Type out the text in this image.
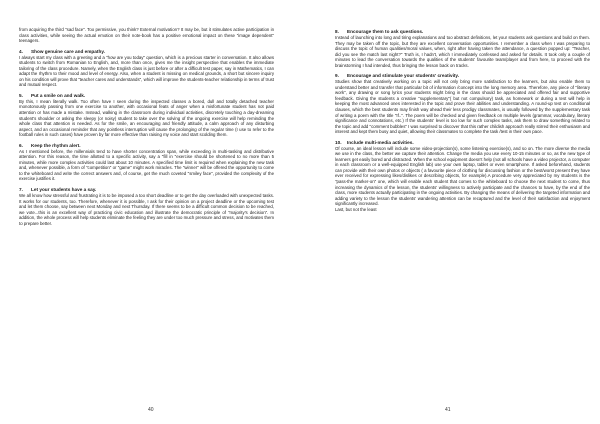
from acquiring the third "sad face". Too permissive, you think? External motivation? It may be, but it stimulates active participation in class activities, while seeing the actual emotion on their note-book has a positive emotional impact on these "image dependent" teenagers.

4. Show genuine care and empathy.

I always start my class with a greeting and a "how are you today" question, which is a precious starter in conversation. It also allows students to switch from Romanian to English, and, more than once, gives me the insight perspective that enables the immediate tailoring of the class procedure. Namely, when the English class is just before or after a difficult test paper, say in Mathematics, I can adapt the rhythm to their mood and level of energy. Also, when a student is missing on medical grounds, a short but sincere inquiry on his condition will prove that "teacher cares and understands", which will improve the students-teacher relationship in terms of trust and mutual respect.

5. Put a smile on and walk.

By this, I mean literally walk. Too often have I seen during the inspected classes a bored, dull and totally detached teacher monotonously passing from one exercise to another, with occasional feats of anger when a misfortunate student has not paid attention or has made a mistake. Instead, walking in the classroom during individual activities, discretely touching a day-dreaming student's shoulder or asking the sleepy (or noisy) student to take over the solving of the ongoing exercise will help reminding the whole class that attention is needed. As for the smile, an encouraging and friendly attitude, a calm approach of any disturbing aspect, and an occasional reminder that any pointless interruption will cause the prolonging of the regular time (I use to refer to the football rules in such cases) have proven by far more effective than raising my voice and start scolding them.

6. Keep the rhythm alert.

As I mentioned before, the millennials tend to have shorter concentration span, while exceeding in multi-tasking and distributive attention. For this reason, the time allotted to a specific activity, say a "fill in "exercise should be shortened to no more than 5 minutes, while more complex activities could last about 10 minutes. A specified time limit is required when explaining the new task and, whenever possible, a form of "competition" or "game" might work miracles. The "winner" will be offered the opportunity to come to the whiteboard and write the correct answers and, of course, get the much coveted "smiley face", provided the complexity of the exercise justifies it.

7. Let your students have a say.

We all know how stressful and frustrating it is to be imposed a too short deadline or to get the day overloaded with unexpected tasks. It works for our students, too. Therefore, whenever it is possible, I ask for their opinion on a project deadline or the upcoming test and let them choose, say between next Monday and next Thursday. If there seems to be a difficult common decision to be reached, we vote...this is an excellent way of practicing civic education and illustrate the democratic principle of "majority's decision". In addition, the whole process will help students eliminate the feeling they are under too much pressure and stress, and motivates them to prepare better.

8. Encourage them to ask questions.

Instead of launching into long and tiring explanations and too abstract definitions, let your students ask questions and build on them. They may be taken off the topic, but they are excellent conversation opportunities. I remember a class when I was preparing to discuss the topic of human qualities/moral values, when, right after having taken the attendance, a question popped up: "Teacher, did you see the match last night?" Truth is, I hadn't, which I immediately confessed and asked for details. It took only a couple of minutes to lead the conversation towards the qualities of the students' favourite team/player and from here, to proceed with the brainstorming I had intended, thus bringing the lesson back on tracks.

9. Encourage and stimulate your students' creativity.

Studies show that creatively working on a topic will not only bring more satisfaction to the learners, but also enable them to understand better and transfer that particular bit of information /concept into the long memory area. Therefore, any piece of "literary work", any drawing or song lyrics your students might bring in the class should be appreciated and offered fair and supportive feedback. Giving the students a creative "supplementary"( but not compulsory) task, as homework or during a test will help in keeping the most advanced ones interested in the topic and prove their abilities and understanding. A round-up test on conditional clauses, which the best students may finish way ahead their less prodigy classmates, is usually followed by the supplementary task of writing a poem with the title "If..". The poem will be checked and given feedback on multiple levels (grammar, vocabulary, literary significance and connotations, etc.) If the students' level is too low for such complex tasks, ask them to draw something related to the topic and add "comment bubbles" I was surprised to discover that this rather childish approach really stirred their enthusiasm and interest and kept them busy and quiet, allowing their classmates to complete the task /test in their own pace.

10. Include multi-media activities.

Of course, an ideal lesson will include some video-projection(s), some listening exercise(s), and so on. The more diverse the media we use in the class, the better we capture their attention. Change the media you use every 10-15 minutes or so, as the new type of learners get easily bored and distracted. When the school equipment doesn't help (not all schools have a video projector, a computer in each classroom or a well-equipped English lab) use your own laptop, tablet or even smartphone. If asked beforehand, students can provide with their own photos or objects ( a favourite piece of clothing for discussing fashion or the best/worst present they have ever received for expressing likes/dislikes or describing objects, for example).A procedure very appreciated by my students is the "pass-the marker-on" one, which will enable each student that comes to the whiteboard to choose the next student to come, thus increasing the dynamics of the lesson, the students' willingness to actively participate and the chances to have, by the end of the class, more students actually participating in the ongoing activities. By changing the means of delivering the targeted information and adding variety to the lesson the students' wandering attention can be recaptured and the level of their satisfaction and enjoyment significantly increased.

Last, but not the least

40	41
